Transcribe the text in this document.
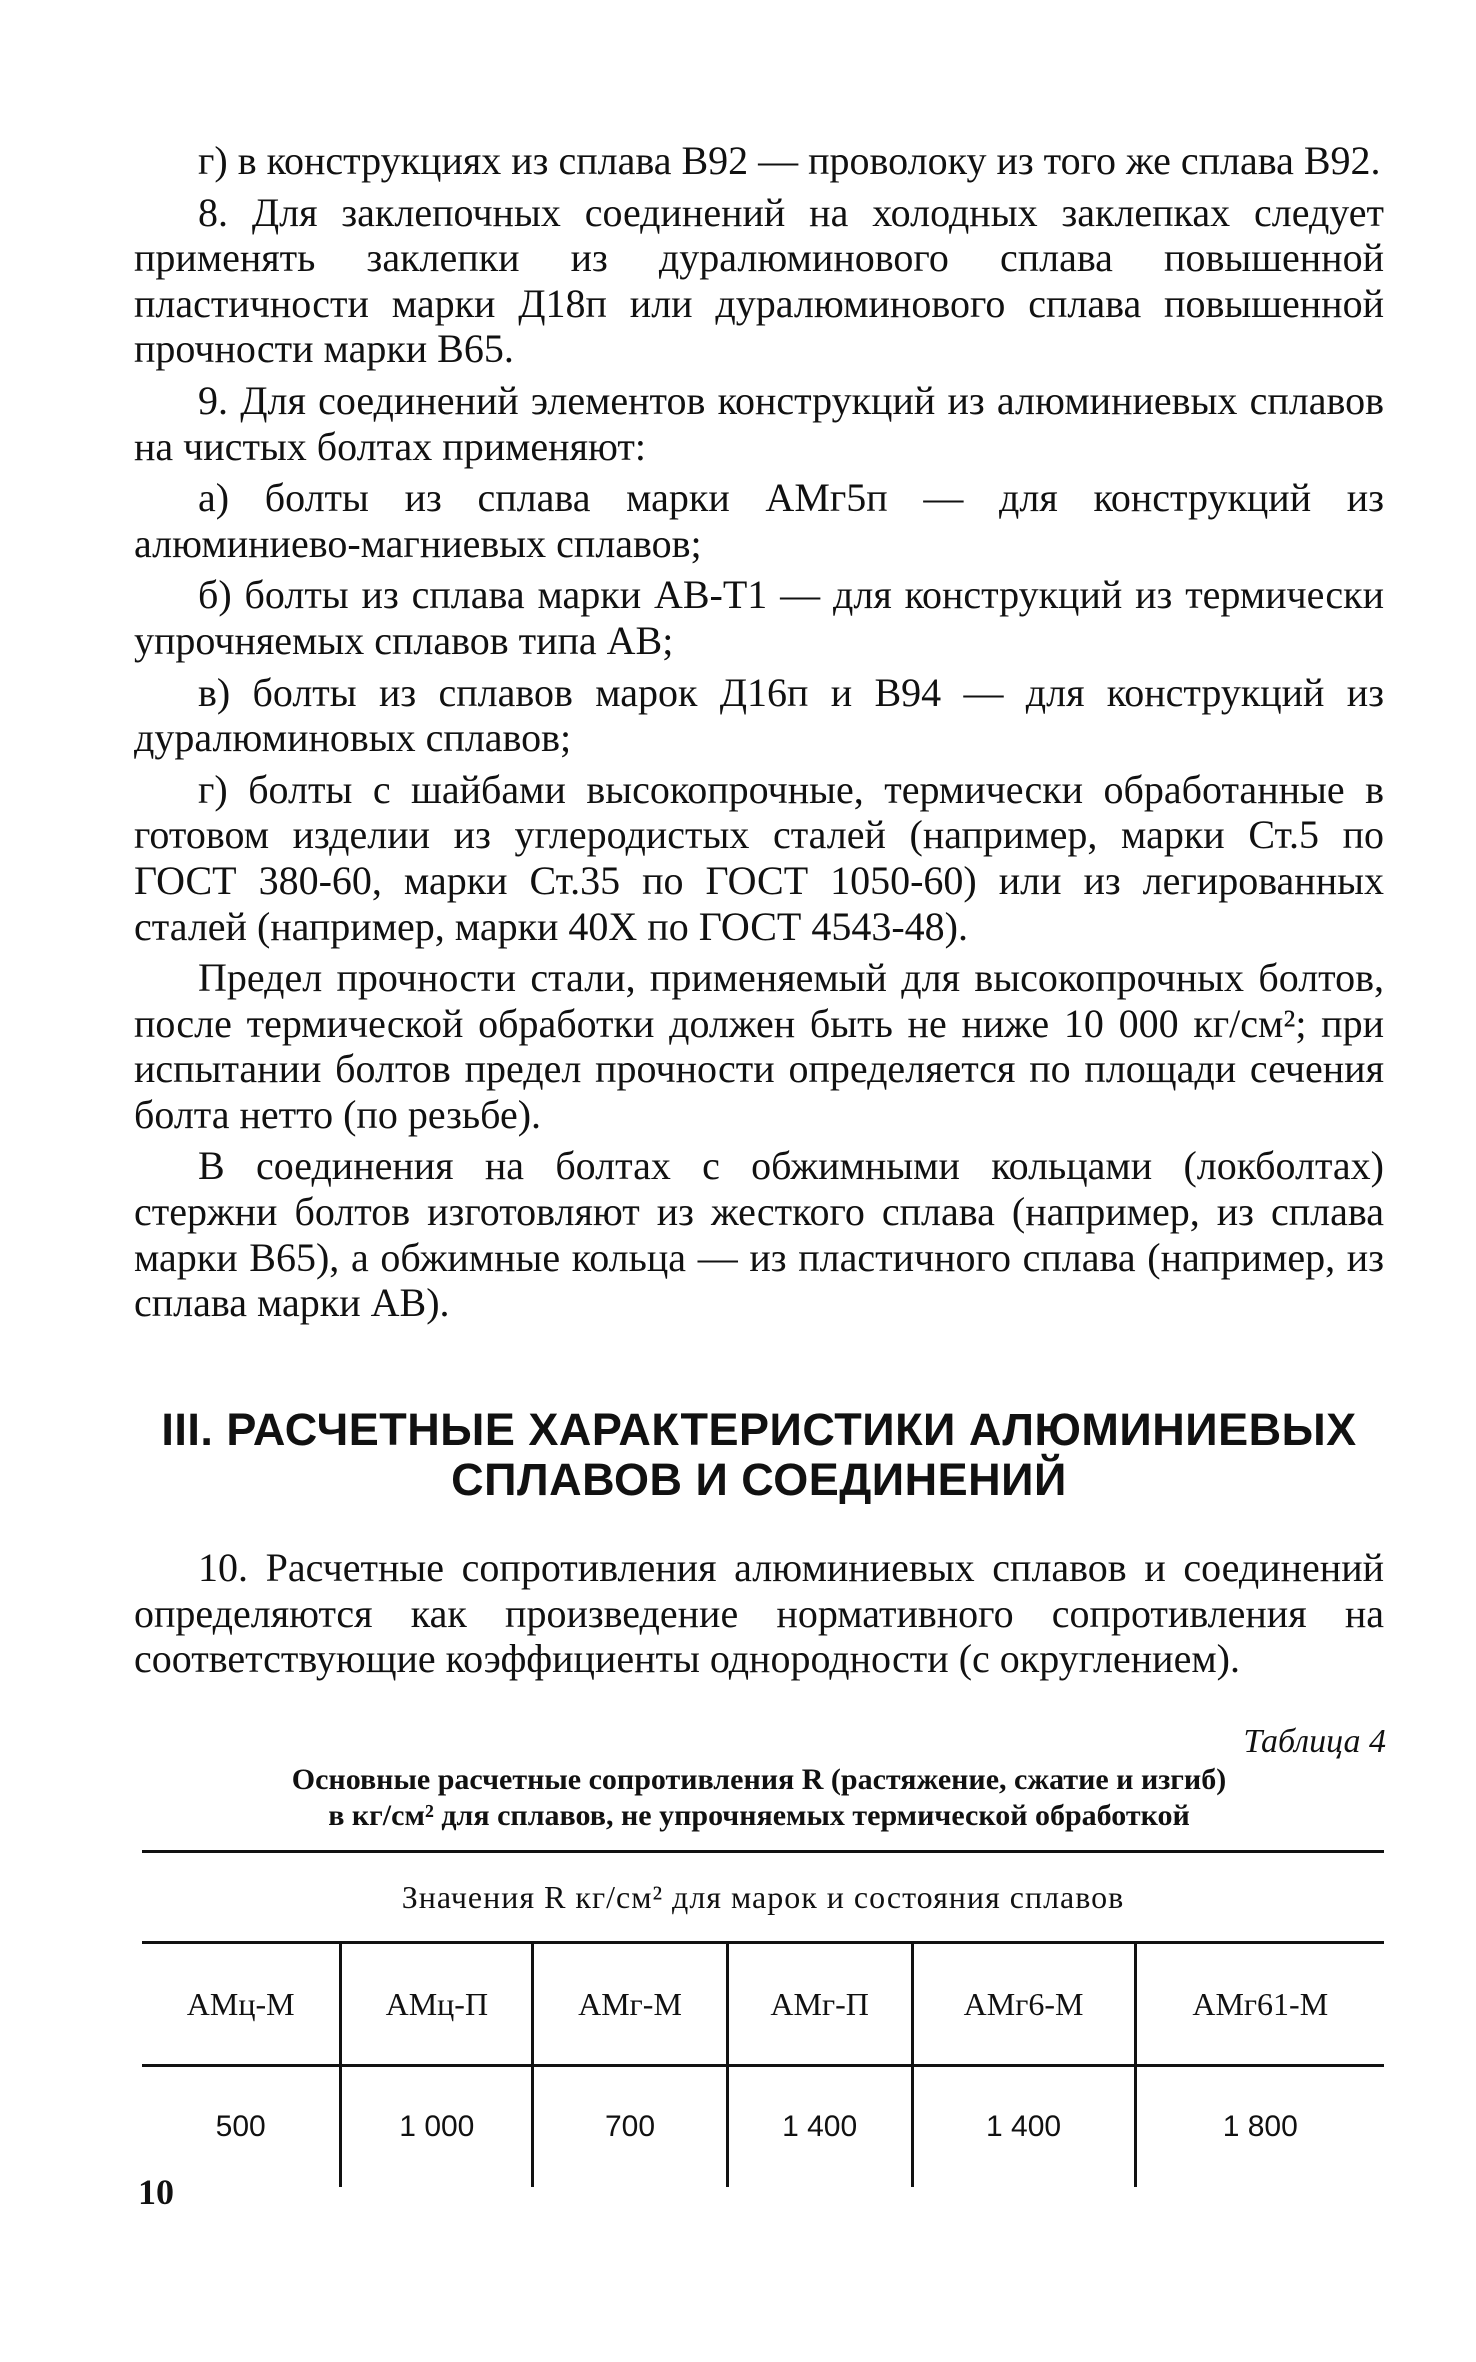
г) в конструкциях из сплава В92 — проволоку из того же сплава В92.

8. Для заклепочных соединений на холодных заклепках следует применять заклепки из дуралюминового сплава повышенной пластичности марки Д18п или дуралюминового сплава повышенной прочности марки В65.

9. Для соединений элементов конструкций из алюминиевых сплавов на чистых болтах применяют:

а) болты из сплава марки АМг5п — для конструкций из алюминиево-магниевых сплавов;

б) болты из сплава марки АВ-Т1 — для конструкций из термически упрочняемых сплавов типа АВ;

в) болты из сплавов марок Д16п и В94 — для конструкций из дуралюминовых сплавов;

г) болты с шайбами высокопрочные, термически обработанные в готовом изделии из углеродистых сталей (например, марки Ст.5 по ГОСТ 380-60, марки Ст.35 по ГОСТ 1050-60) или из легированных сталей (например, марки 40Х по ГОСТ 4543-48).

Предел прочности стали, применяемый для высокопрочных болтов, после термической обработки должен быть не ниже 10 000 кг/см²; при испытании болтов предел прочности определяется по площади сечения болта нетто (по резьбе).

В соединения на болтах с обжимными кольцами (локболтах) стержни болтов изготовляют из жесткого сплава (например, из сплава марки В65), а обжимные кольца — из пластичного сплава (например, из сплава марки АВ).

III. РАСЧЕТНЫЕ ХАРАКТЕРИСТИКИ АЛЮМИНИЕВЫХ СПЛАВОВ И СОЕДИНЕНИЙ

10. Расчетные сопротивления алюминиевых сплавов и соединений определяются как произведение нормативного сопротивления на соответствующие коэффициенты однородности (с округлением).

Таблица 4
Основные расчетные сопротивления R (растяжение, сжатие и изгиб)
в кг/см² для сплавов, не упрочняемых термической обработкой
Значения R кг/см² для марок и состояния сплавов					
АМц-М	АМц-П	АМг-М	АМг-П	АМг6-М	АМг61-М
500	1 000	700	1 400	1 400	1 800
10
